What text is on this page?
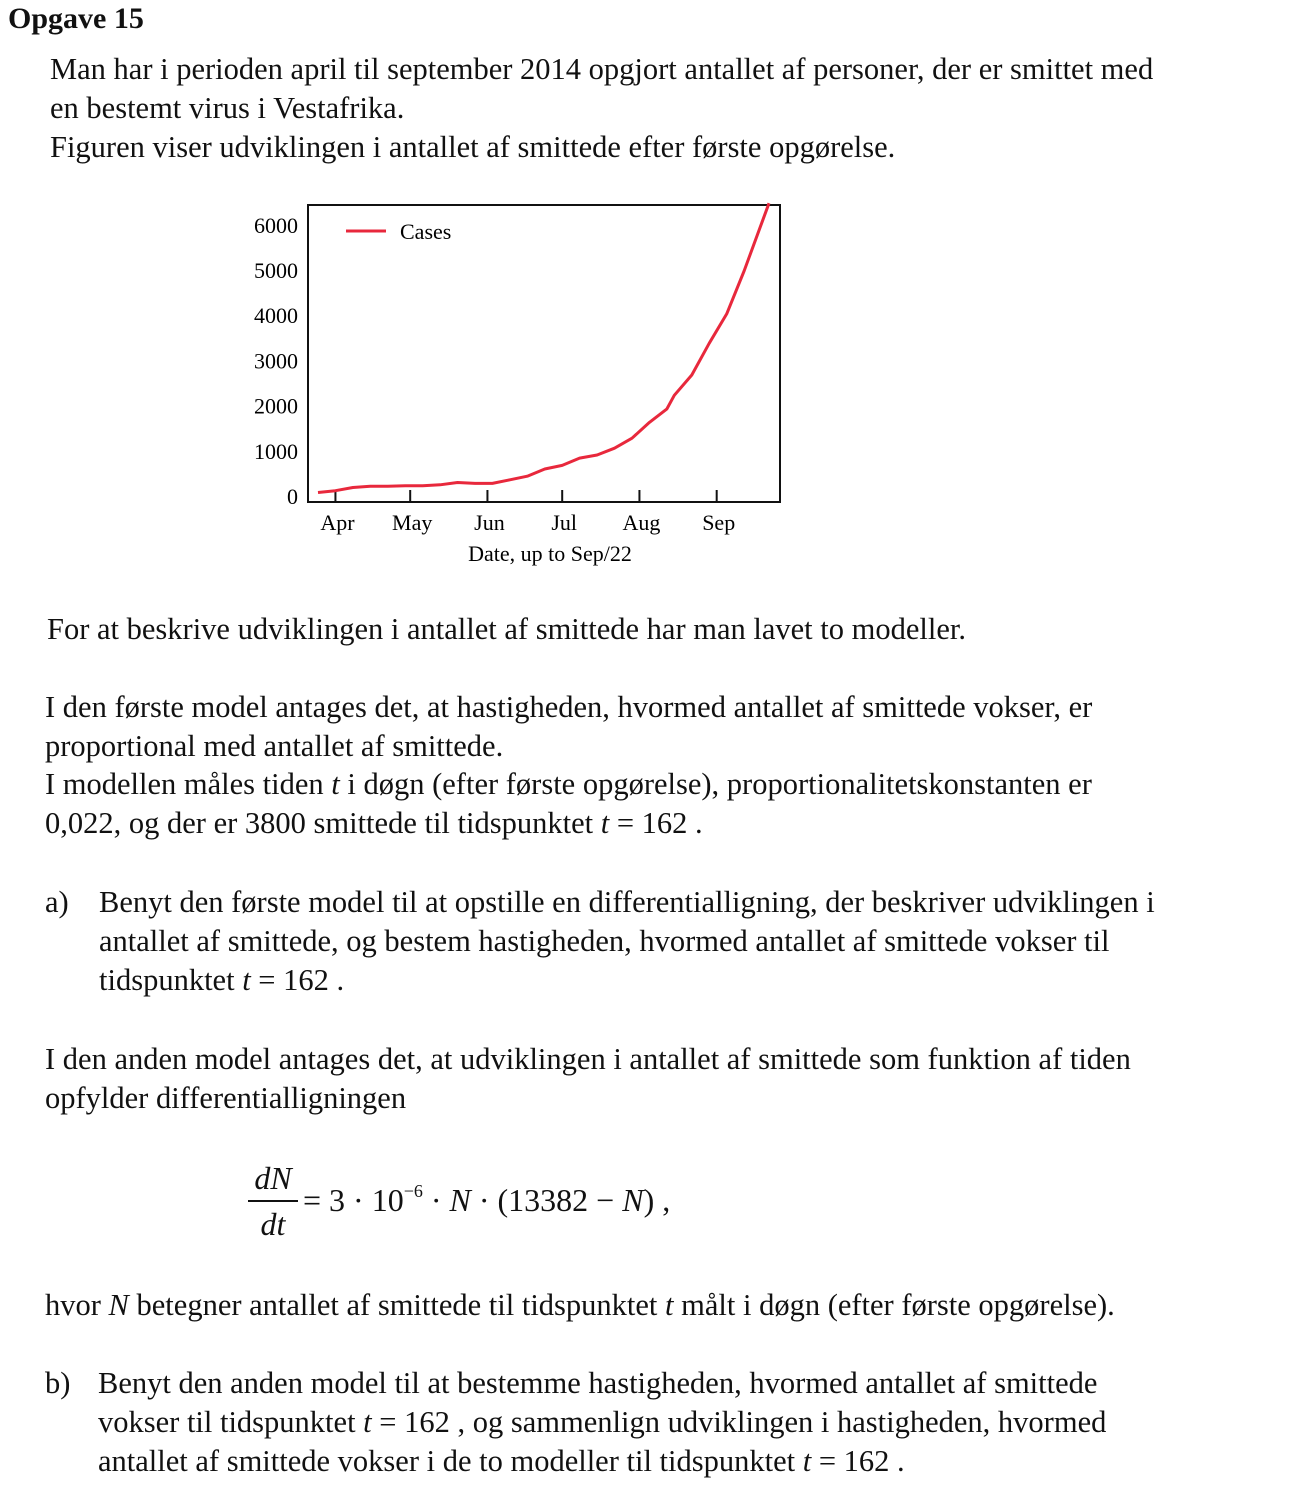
Opgave 15
Man har i perioden april til september 2014 opgjort antallet af personer, der er smittet med
en bestemt virus i Vestafrika.
Figuren viser udviklingen i antallet af smittede efter første opgørelse.
0
1000
2000
3000
4000
5000
6000
Apr May Jun Jul Aug Sep
Cases
Date, up to Sep/22
For at beskrive udviklingen i antallet af smittede har man lavet to modeller.
I den første model antages det, at hastigheden, hvormed antallet af smittede vokser, er
proportional med antallet af smittede.
I modellen måles tiden t i døgn (efter første opgørelse), proportionalitetskonstanten er
0,022, og der er 3800 smittede til tidspunktet t = 162 .
a) Benyt den første model til at opstille en differentialligning, der beskriver udviklingen i
antallet af smittede, og bestem hastigheden, hvormed antallet af smittede vokser til
tidspunktet t = 162 .
I den anden model antages det, at udviklingen i antallet af smittede som funktion af tiden
opfylder differentialligningen
dN
dt
= $3 \cdot 10^{-6} \cdot N \cdot (13382 - N)$ ,
hvor N betegner antallet af smittede til tidspunktet t målt i døgn (efter første opgørelse).
b) Benyt den anden model til at bestemme hastigheden, hvormed antallet af smittede
vokser til tidspunktet t = 162 , og sammenlign udviklingen i hastigheden, hvormed
antallet af smittede vokser i de to modeller til tidspunktet t = 162 .
